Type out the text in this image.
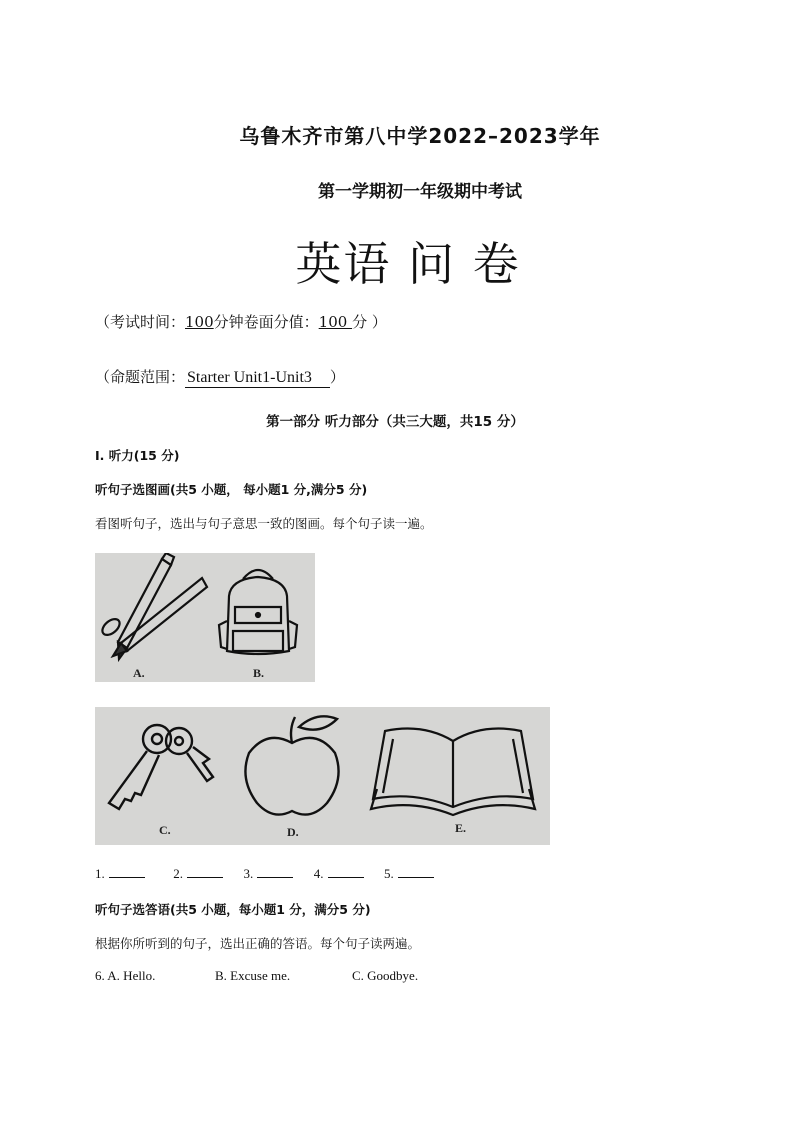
乌鲁木齐市第八中学2022–2023学年
第一学期初一年级期中考试
英语 问 卷
（考试时间：100分钟卷面分值：100 分 ）
（命题范围： Starter Unit1-Unit3    ）
第一部分 听力部分（共三大题，共15 分）
Ⅰ. 听力(15 分)
听句子选图画(共5 小题， 每小题1 分,满分5 分)
看图听句子，选出与句子意思一致的图画。每个句子读一遍。
A.	B.
C.	D.	E.
1.	2.	3.	4.	5.
听句子选答语(共5 小题，每小题1 分，满分5 分)
根据你所听到的句子，选出正确的答语。每个句子读两遍。
6. A. Hello.	B. Excuse me.	C. Goodbye.
